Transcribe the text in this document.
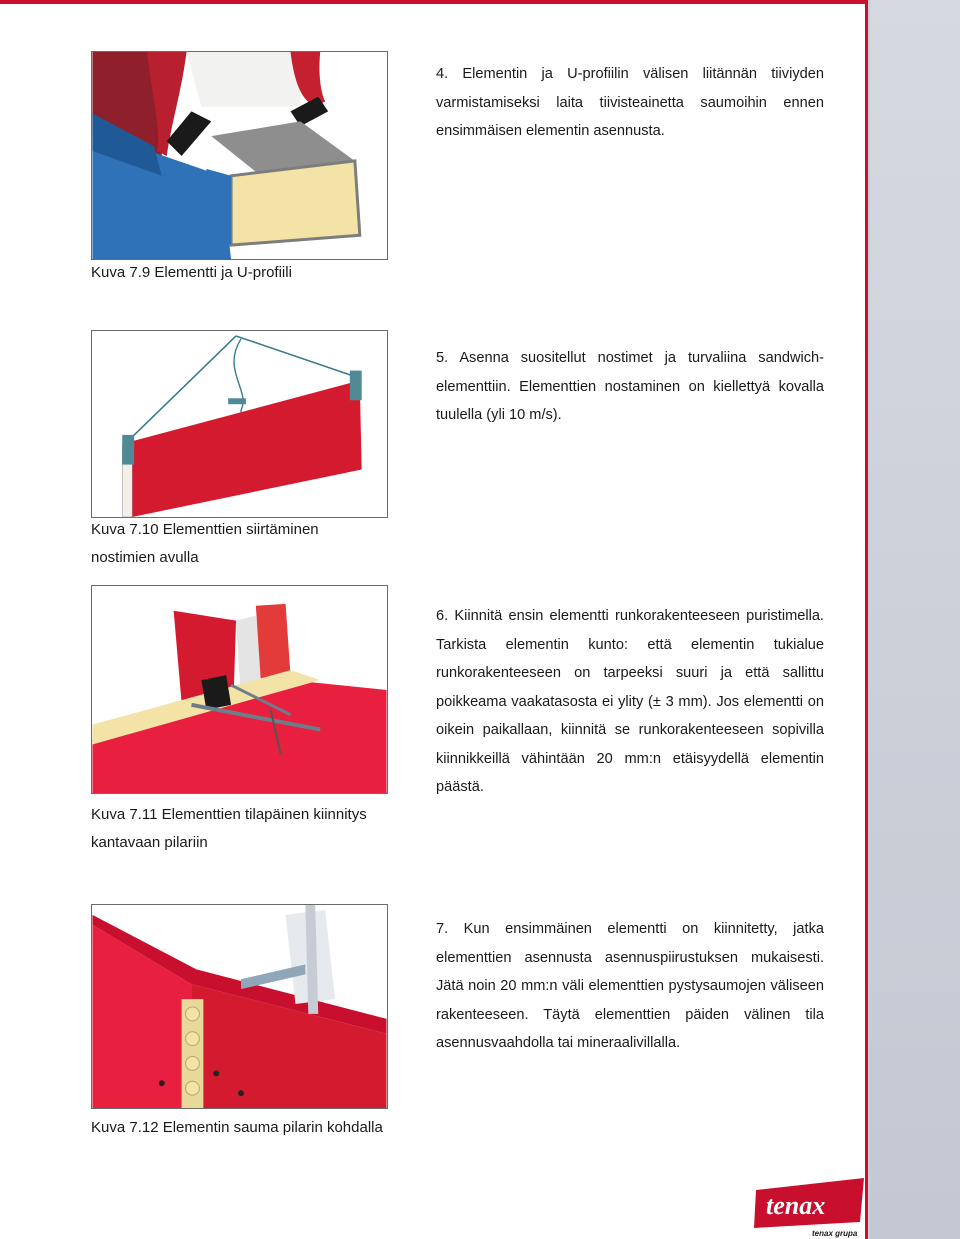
Kuva 7.9 Elementti ja U-profiili
4. Elementin ja U-profiilin välisen liitännän tiiviyden varmistamiseksi laita tiivisteainetta saumoihin ennen ensimmäisen elementin asennusta.
Kuva 7.10 Elementtien siirtäminen
nostimien avulla
5. Asenna suositellut nostimet ja turvaliina sandwich-elementtiin. Elementtien nostaminen on kiellettyä kovalla tuulella (yli 10 m/s).
Kuva 7.11 Elementtien tilapäinen kiinnitys
kantavaan pilariin
6. Kiinnitä ensin elementti runkorakenteeseen puristimella. Tarkista elementin kunto: että elementin tukialue runkorakenteeseen on tarpeeksi suuri ja että sallittu poikkeama vaakatasosta ei ylity (± 3 mm). Jos elementti on oikein paikallaan, kiinnitä se runkorakenteeseen sopivilla kiinnikkeillä vähintään 20 mm:n etäisyydellä elementin päästä.
Kuva 7.12 Elementin sauma pilarin kohdalla
7. Kun ensimmäinen elementti on kiinnitetty, jatka elementtien asennusta asennuspiirustuksen mukaisesti. Jätä noin 20 mm:n väli elementtien pystysaumojen väliseen rakenteeseen. Täytä elementtien päiden välinen tila asennusvaahdolla tai mineraalivillalla.
tenax
tenax grupa
